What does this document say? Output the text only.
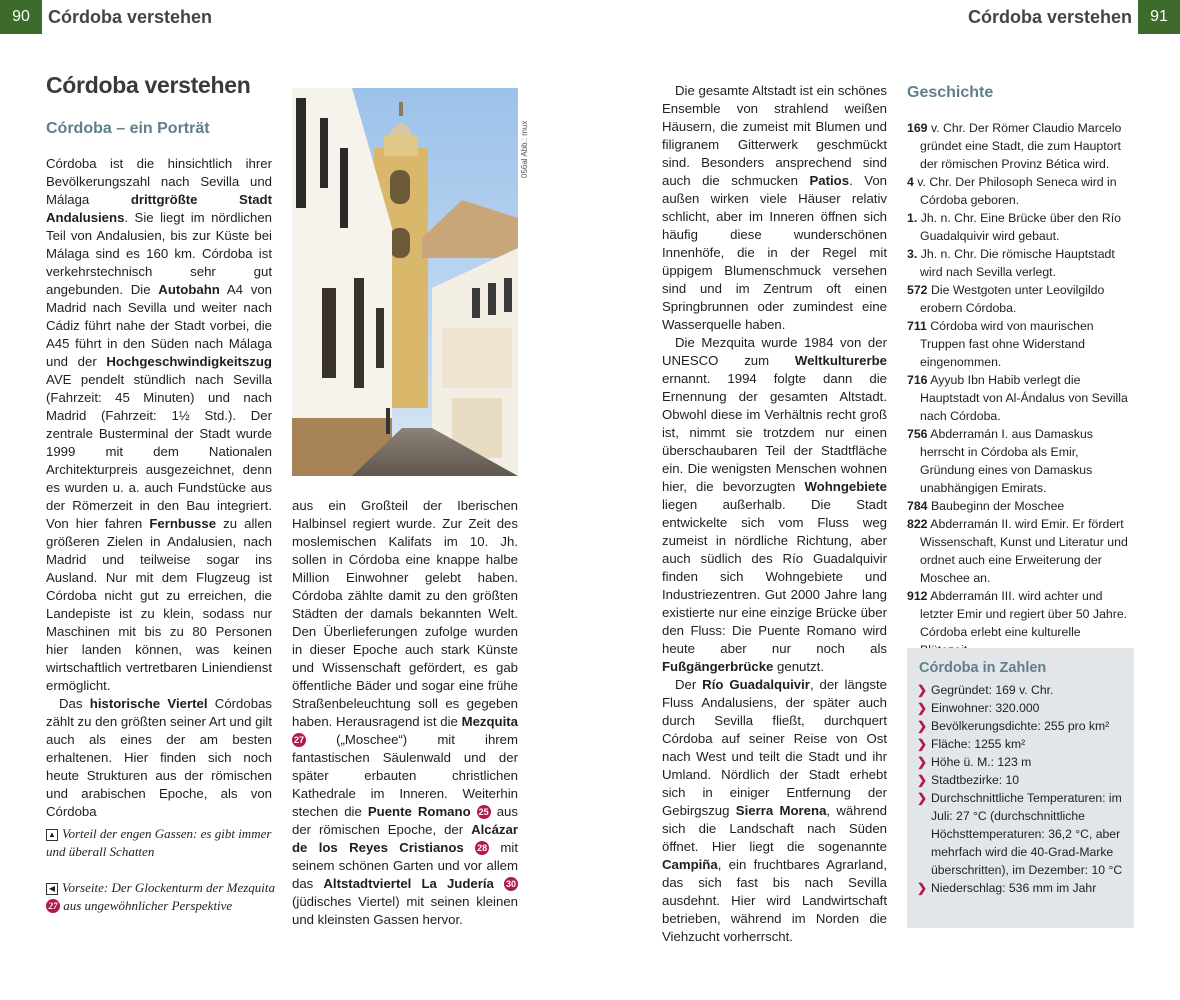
90	Córdoba verstehen	Córdoba verstehen	91
Córdoba verstehen
Córdoba – ein Porträt

Córdoba ist die hinsichtlich ihrer Bevölkerungszahl nach Sevilla und Málaga drittgrößte Stadt Andalusiens. Sie liegt im nördlichen Teil von Andalusien, bis zur Küste bei Málaga sind es 160 km. Córdoba ist verkehrstechnisch sehr gut angebunden. Die Autobahn A4 von Madrid nach Sevilla und weiter nach Cádiz führt nahe der Stadt vorbei, die A45 führt in den Süden nach Málaga und der Hochgeschwindigkeitszug AVE pendelt stündlich nach Sevilla (Fahrzeit: 45 Minuten) und nach Madrid (Fahrzeit: 1½ Std.). Der zentrale Busterminal der Stadt wurde 1999 mit dem Nationalen Architekturpreis ausgezeichnet, denn es wurden u. a. auch Fundstücke aus der Römerzeit in den Bau integriert. Von hier fahren Fernbusse zu allen größeren Zielen in Andalusien, nach Madrid und teilweise sogar ins Ausland. Nur mit dem Flugzeug ist Córdoba nicht gut zu erreichen, die Landepiste ist zu klein, sodass nur Maschinen mit bis zu 80 Personen hier landen können, was keinen wirtschaftlich vertretbaren Liniendienst ermöglicht.

Das historische Viertel Córdobas zählt zu den größten seiner Art und gilt auch als eines der am besten erhaltenen. Hier finden sich noch heute Strukturen aus der römischen und arabischen Epoche, als von Córdoba

056al Abb.: mux

aus ein Großteil der Iberischen Halbinsel regiert wurde. Zur Zeit des moslemischen Kalifats im 10. Jh. sollen in Córdoba eine knappe halbe Million Einwohner gelebt haben. Córdoba zählte damit zu den größten Städten der damals bekannten Welt. Den Überlieferungen zufolge wurden in dieser Epoche auch stark Künste und Wissenschaft gefördert, es gab öffentliche Bäder und sogar eine frühe Straßenbeleuchtung soll es gegeben haben. Herausragend ist die Mezquita27 („Moschee“) mit ihrem fantastischen Säulenwald und der später erbauten christlichen Kathedrale im Inneren. Weiterhin stechen die Puente Romano 25 aus der römischen Epoche, der Alcázar de los Reyes Cristianos 28 mit seinem schönen Garten und vor allem das Altstadtviertel La Judería 30 (jüdisches Viertel) mit seinen kleinen und kleinsten Gassen hervor.

▲ Vorteil der engen Gassen: es gibt immer und überall Schatten
◀ Vorseite: Der Glockenturm der Mezquita27 aus ungewöhnlicher Perspektive

Die gesamte Altstadt ist ein schönes Ensemble von strahlend weißen Häusern, die zumeist mit Blumen und filigranem Gitterwerk geschmückt sind. Besonders ansprechend sind auch die schmucken Patios. Von außen wirken viele Häuser relativ schlicht, aber im Inneren öffnen sich häufig diese wunderschönen Innenhöfe, die in der Regel mit üppigem Blumenschmuck versehen sind und im Zentrum oft einen Springbrunnen oder zumindest eine Wasserquelle haben.

Die Mezquita wurde 1984 von der UNESCO zum Weltkulturerbe ernannt. 1994 folgte dann die Ernennung der gesamten Altstadt. Obwohl diese im Verhältnis recht groß ist, nimmt sie trotzdem nur einen überschaubaren Teil der Stadtfläche ein. Die wenigsten Menschen wohnen hier, die bevorzugten Wohngebiete liegen außerhalb. Die Stadt entwickelte sich vom Fluss weg zumeist in nördliche Richtung, aber auch südlich des Río Guadalquivir finden sich Wohngebiete und Industriezentren. Gut 2000 Jahre lang existierte nur eine einzige Brücke über den Fluss: Die Puente Romano wird heute aber nur noch als Fußgängerbrücke genutzt.

Der Río Guadalquivir, der längste Fluss Andalusiens, der später auch durch Sevilla fließt, durchquert Córdoba auf seiner Reise von Ost nach West und teilt die Stadt und ihr Umland. Nördlich der Stadt erhebt sich in einiger Entfernung der Gebirgszug Sierra Morena, während sich die Landschaft nach Süden öffnet. Hier liegt die sogenannte Campiña, ein fruchtbares Agrarland, das sich fast bis nach Sevilla ausdehnt. Hier wird Landwirtschaft betrieben, während im Norden die Viehzucht vorherrscht.

Geschichte
169 v. Chr. Der Römer Claudio Marcelo gründet eine Stadt, die zum Hauptort der römischen Provinz Bética wird.
4 v. Chr. Der Philosoph Seneca wird in Córdoba geboren.
1. Jh. n. Chr. Eine Brücke über den Río Guadalquivir wird gebaut.
3. Jh. n. Chr. Die römische Hauptstadt wird nach Sevilla verlegt.
572 Die Westgoten unter Leovilgildo erobern Córdoba.
711 Córdoba wird von maurischen Truppen fast ohne Widerstand eingenommen.
716 Ayyub Ibn Habib verlegt die Hauptstadt von Al-Ándalus von Sevilla nach Córdoba.
756 Abderramán I. aus Damaskus herrscht in Córdoba als Emir, Gründung eines von Damaskus unabhängigen Emirats.
784 Baubeginn der Moschee
822 Abderramán II. wird Emir. Er fördert Wissenschaft, Kunst und Literatur und ordnet auch eine Erweiterung der Moschee an.
912 Abderramán III. wird achter und letzter Emir und regiert über 50 Jahre. Córdoba erlebt eine kulturelle
Córdoba in Zahlen
❯ Gegründet: 169 v. Chr.
❯ Einwohner: 320.000
❯ Bevölkerungsdichte: 255 pro km²
❯ Fläche: 1255 km²
❯ Höhe ü. M.: 123 m
❯ Stadtbezirke: 10
❯ Durchschnittliche Temperaturen: im Juli: 27 °C (durchschnittliche Höchsttemperaturen: 36,2 °C, aber mehrfach wird die 40-Grad-Marke überschritten), im Dezember: 10 °C
❯ Niederschlag: 536 mm im Jahr
